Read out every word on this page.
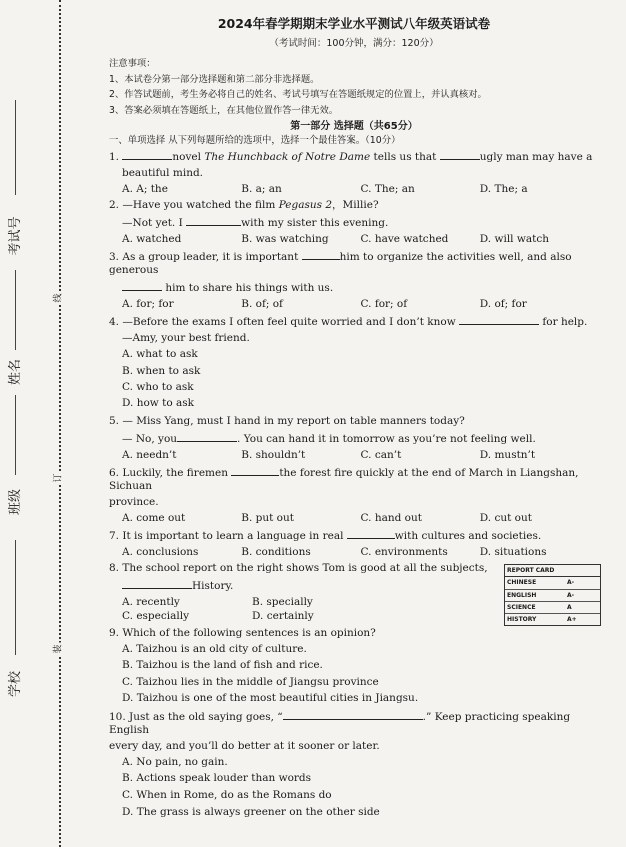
考试号
姓名
班级
学校
线
订
装
2024年春学期期末学业水平测试八年级英语试卷
（考试时间：100分钟，满分：120分）
注意事项：
1、本试卷分第一部分选择题和第二部分非选择题。
2、作答试题前，考生务必将自己的姓名、考试号填写在答题纸规定的位置上，并认真核对。
3、答案必须填在答题纸上，在其他位置作答一律无效。
第一部分 选择题（共65分）
一、单项选择 从下列每题所给的选项中，选择一个最佳答案。（10分）
1.	novel The Hunchback of Notre Dame tells us that	ugly man may have a
beautiful mind.
A. A; the	B. a; an	C. The; an	D. The; a
2. —Have you watched the film Pegasus 2，Millie?
—Not yet. I	with my sister this evening.
A. watched	B. was watching	C. have watched	D. will watch
3. As a group leader, it is important	him to organize the activities well, and also generous
him to share his things with us.
A. for; for	B. of; of	C. for; of	D. of; for
4. —Before the exams I often feel quite worried and I don’t know	for help.
—Amy, your best friend.
A. what to ask
B. when to ask
C. who to ask
D. how to ask
5. — Miss Yang, must I hand in my report on table manners today?
— No, you	. You can hand it in tomorrow as you’re not feeling well.
A. needn’t	B. shouldn’t	C. can’t	D. mustn’t
6. Luckily, the firemen	the forest fire quickly at the end of March in Liangshan, Sichuan
province.
A. come out	B. put out	C. hand out	D. cut out
7. It is important to learn a language in real	with cultures and societies.
A. conclusions	B. conditions	C. environments	D. situations
8. The school report on the right shows Tom is good at all the subjects,
History.
A. recently	B. specially
C. especially	D. certainly
REPORT CARD
CHINESE	A-
ENGLISH	A-
SCIENCE	A
HISTORY	A+
9. Which of the following sentences is an opinion?
A. Taizhou is an old city of culture.
B. Taizhou is the land of fish and rice.
C. Taizhou lies in the middle of Jiangsu province
D. Taizhou is one of the most beautiful cities in Jiangsu.
10. Just as the old saying goes, “	.” Keep practicing speaking English
every day, and you’ll do better at it sooner or later.
A. No pain, no gain.
B. Actions speak louder than words
C. When in Rome, do as the Romans do
D. The grass is always greener on the other side
